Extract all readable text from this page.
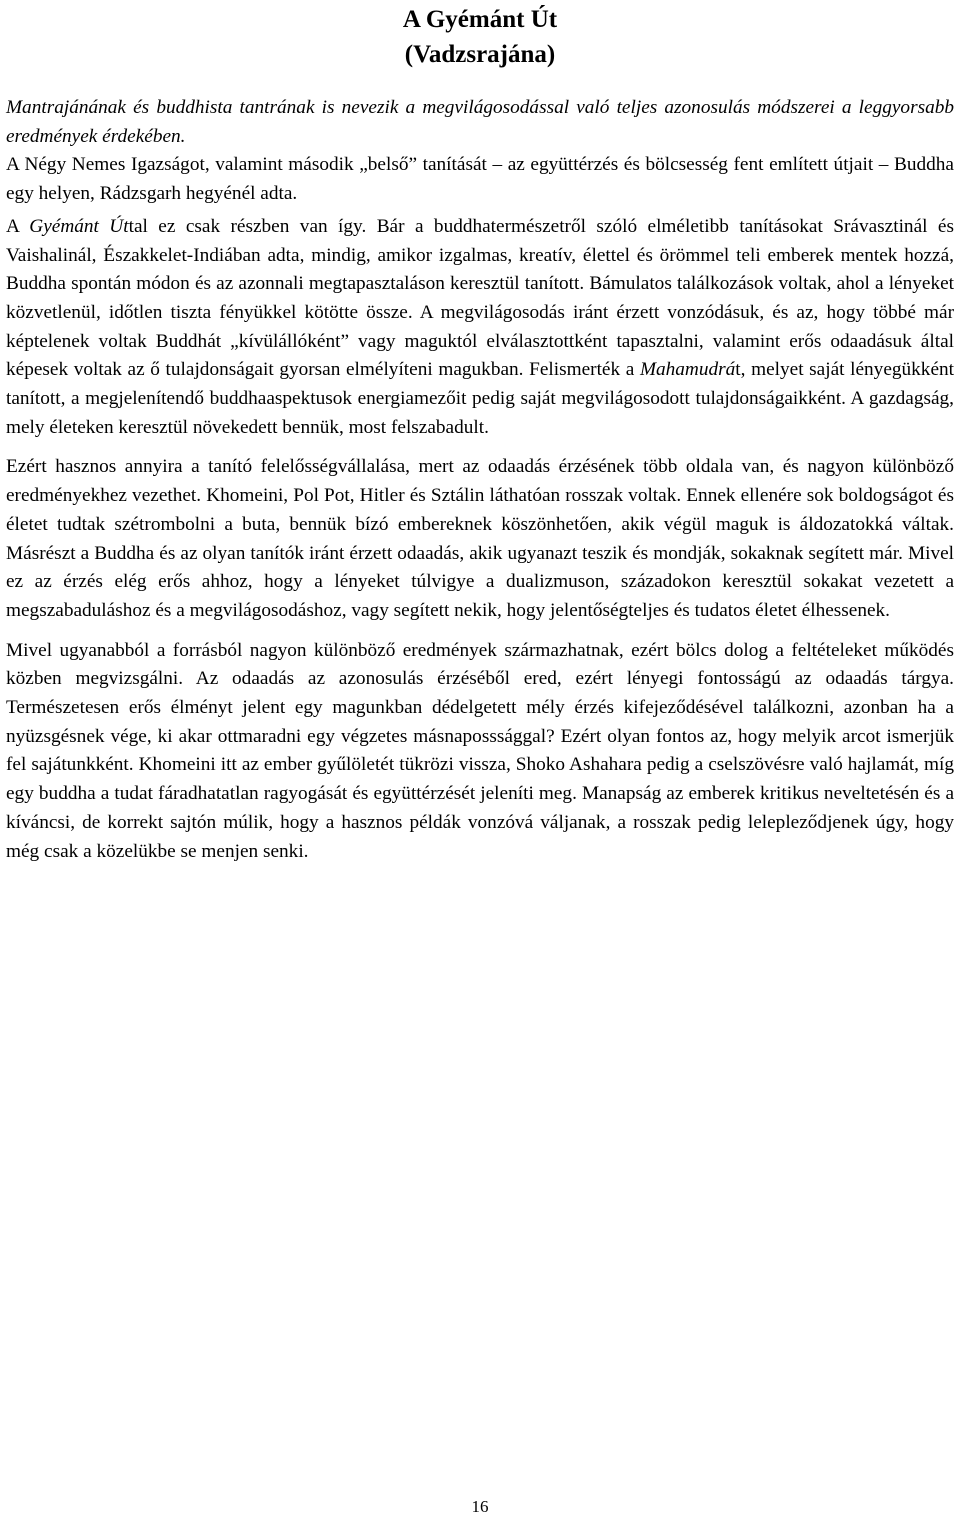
A Gyémánt Út
(Vadzsrajána)

Mantrajánának és buddhista tantrának is nevezik a megvilágosodással való teljes azonosulás módszerei a leggyorsabb eredmények érdekében.

A Négy Nemes Igazságot, valamint második „belső” tanítását – az együttérzés és bölcsesség fent említett útjait – Buddha egy helyen, Rádzsgarh hegyénél adta.

A Gyémánt Úttal ez csak részben van így. Bár a buddhatermészetről szóló elméletibb tanításokat Srávasztinál és Vaishalinál, Északkelet-Indiában adta, mindig, amikor izgalmas, kreatív, élettel és örömmel teli emberek mentek hozzá, Buddha spontán módon és az azonnali megtapasztaláson keresztül tanított. Bámulatos találkozások voltak, ahol a lényeket közvetlenül, időtlen tiszta fényükkel kötötte össze. A megvilágosodás iránt érzett vonzódásuk, és az, hogy többé már képtelenek voltak Buddhát „kívülállóként” vagy maguktól elválasztottként tapasztalni, valamint erős odaadásuk által képesek voltak az ő tulajdonságait gyorsan elmélyíteni magukban. Felismerték a Mahamudrát, melyet saját lényegükként tanított, a megjelenítendő buddhaaspektusok energiamezőit pedig saját megvilágosodott tulajdonságaikként. A gazdagság, mely életeken keresztül növekedett bennük, most felszabadult.

Ezért hasznos annyira a tanító felelősségvállalása, mert az odaadás érzésének több oldala van, és nagyon különböző eredményekhez vezethet. Khomeini, Pol Pot, Hitler és Sztálin láthatóan rosszak voltak. Ennek ellenére sok boldogságot és életet tudtak szétrombolni a buta, bennük bízó embereknek köszönhetően, akik végül maguk is áldozatokká váltak. Másrészt a Buddha és az olyan tanítók iránt érzett odaadás, akik ugyanazt teszik és mondják, sokaknak segített már. Mivel ez az érzés elég erős ahhoz, hogy a lényeket túlvigye a dualizmuson, századokon keresztül sokakat vezetett a megszabaduláshoz és a megvilágosodáshoz, vagy segített nekik, hogy jelentőségteljes és tudatos életet élhessenek.

Mivel ugyanabból a forrásból nagyon különböző eredmények származhatnak, ezért bölcs dolog a feltételeket működés közben megvizsgálni. Az odaadás az azonosulás érzéséből ered, ezért lényegi fontosságú az odaadás tárgya. Természetesen erős élményt jelent egy magunkban dédelgetett mély érzés kifejeződésével találkozni, azonban ha a nyüzsgésnek vége, ki akar ottmaradni egy végzetes másnaposssággal? Ezért olyan fontos az, hogy melyik arcot ismerjük fel sajátunkként. Khomeini itt az ember gyűlöletét tükrözi vissza, Shoko Ashahara pedig a cselszövésre való hajlamát, míg egy buddha a tudat fáradhatatlan ragyogását és együttérzését jeleníti meg. Manapság az emberek kritikus neveltetésén és a kíváncsi, de korrekt sajtón múlik, hogy a hasznos példák vonzóvá váljanak, a rosszak pedig lelepleződjenek úgy, hogy még csak a közelükbe se menjen senki.

16
